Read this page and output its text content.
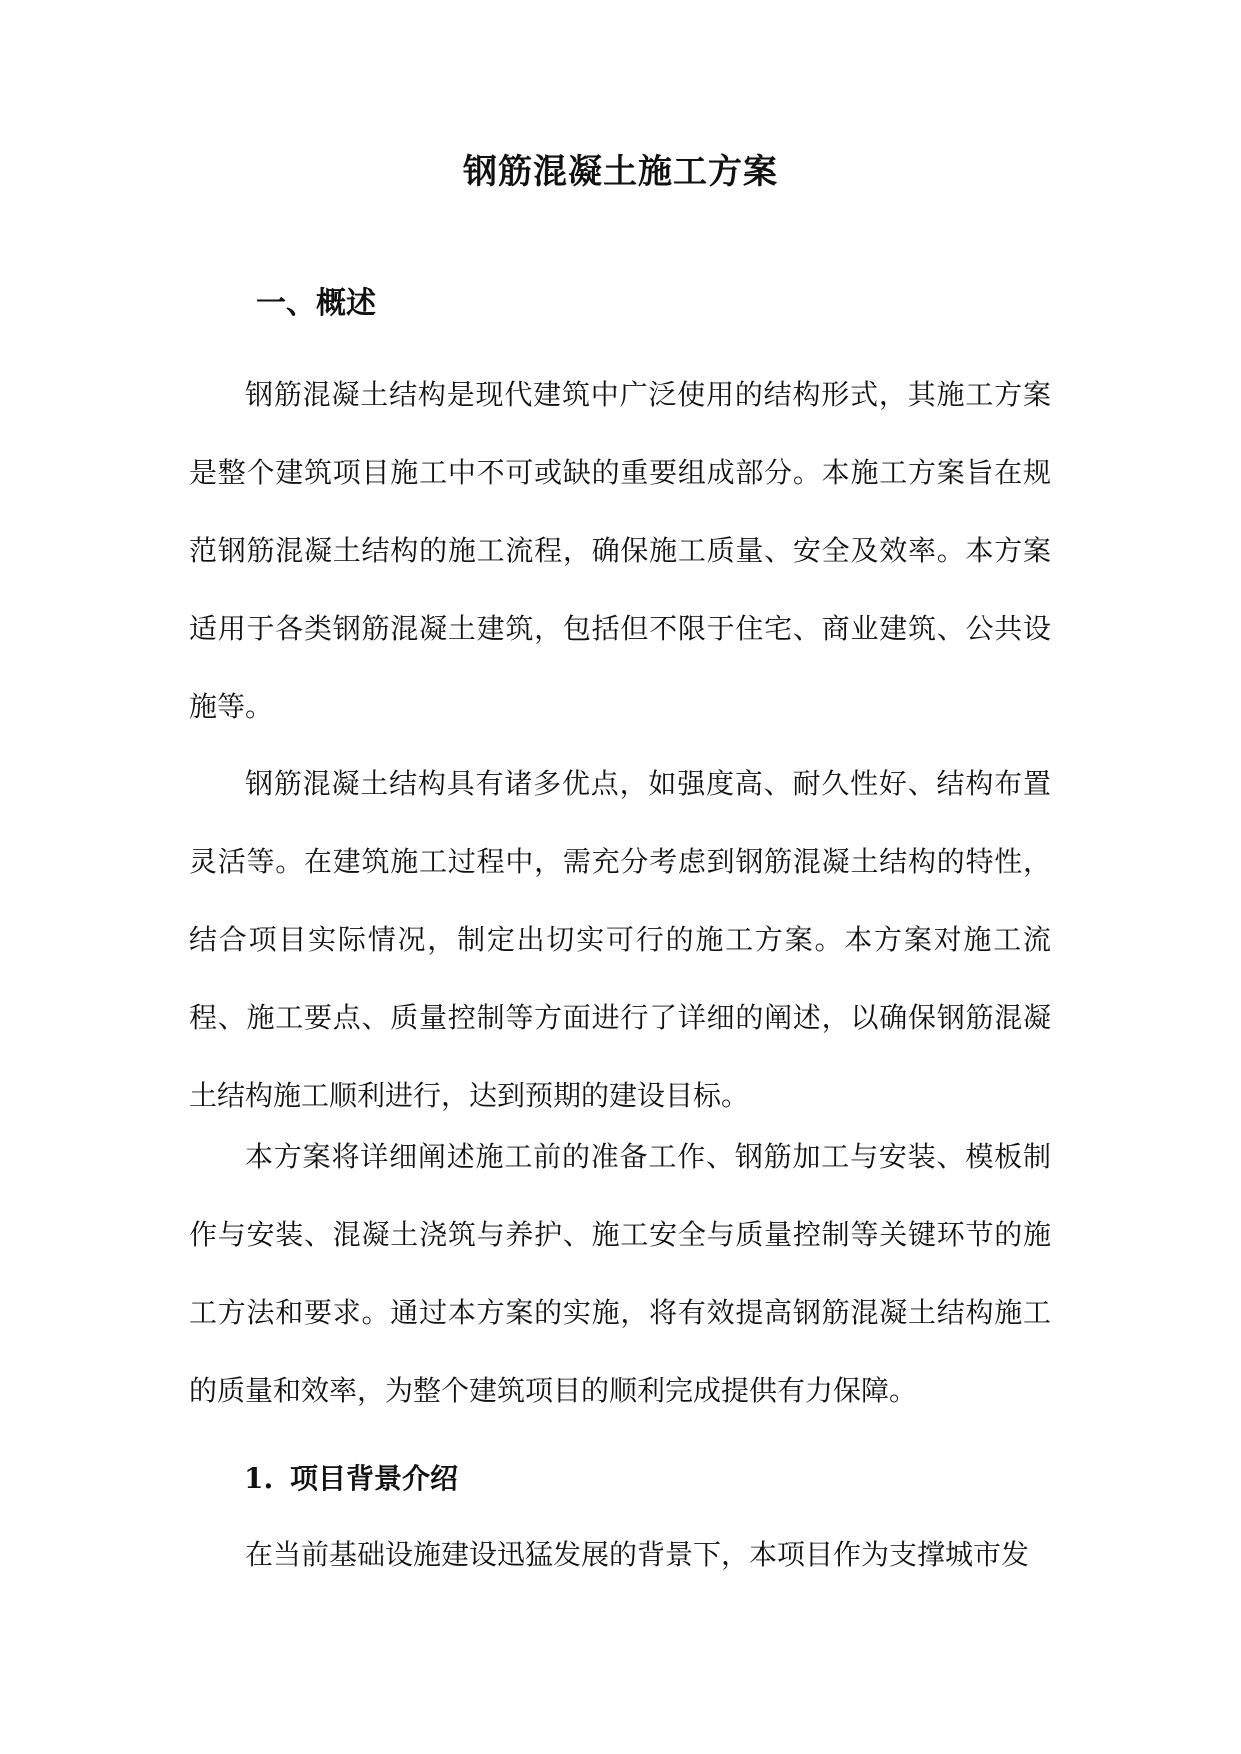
钢筋混凝土施工方案
一、概述

钢筋混凝土结构是现代建筑中广泛使用的结构形式，其施工方案是整个建筑项目施工中不可或缺的重要组成部分。本施工方案旨在规范钢筋混凝土结构的施工流程，确保施工质量、安全及效率。本方案适用于各类钢筋混凝土建筑，包括但不限于住宅、商业建筑、公共设施等。

钢筋混凝土结构具有诸多优点，如强度高、耐久性好、结构布置灵活等。在建筑施工过程中，需充分考虑到钢筋混凝土结构的特性，结合项目实际情况，制定出切实可行的施工方案。本方案对施工流程、施工要点、质量控制等方面进行了详细的阐述，以确保钢筋混凝土结构施工顺利进行，达到预期的建设目标。

本方案将详细阐述施工前的准备工作、钢筋加工与安装、模板制作与安装、混凝土浇筑与养护、施工安全与质量控制等关键环节的施工方法和要求。通过本方案的实施，将有效提高钢筋混凝土结构施工的质量和效率，为整个建筑项目的顺利完成提供有力保障。

1. 项目背景介绍

在当前基础设施建设迅猛发展的背景下，本项目作为支撑城市发
